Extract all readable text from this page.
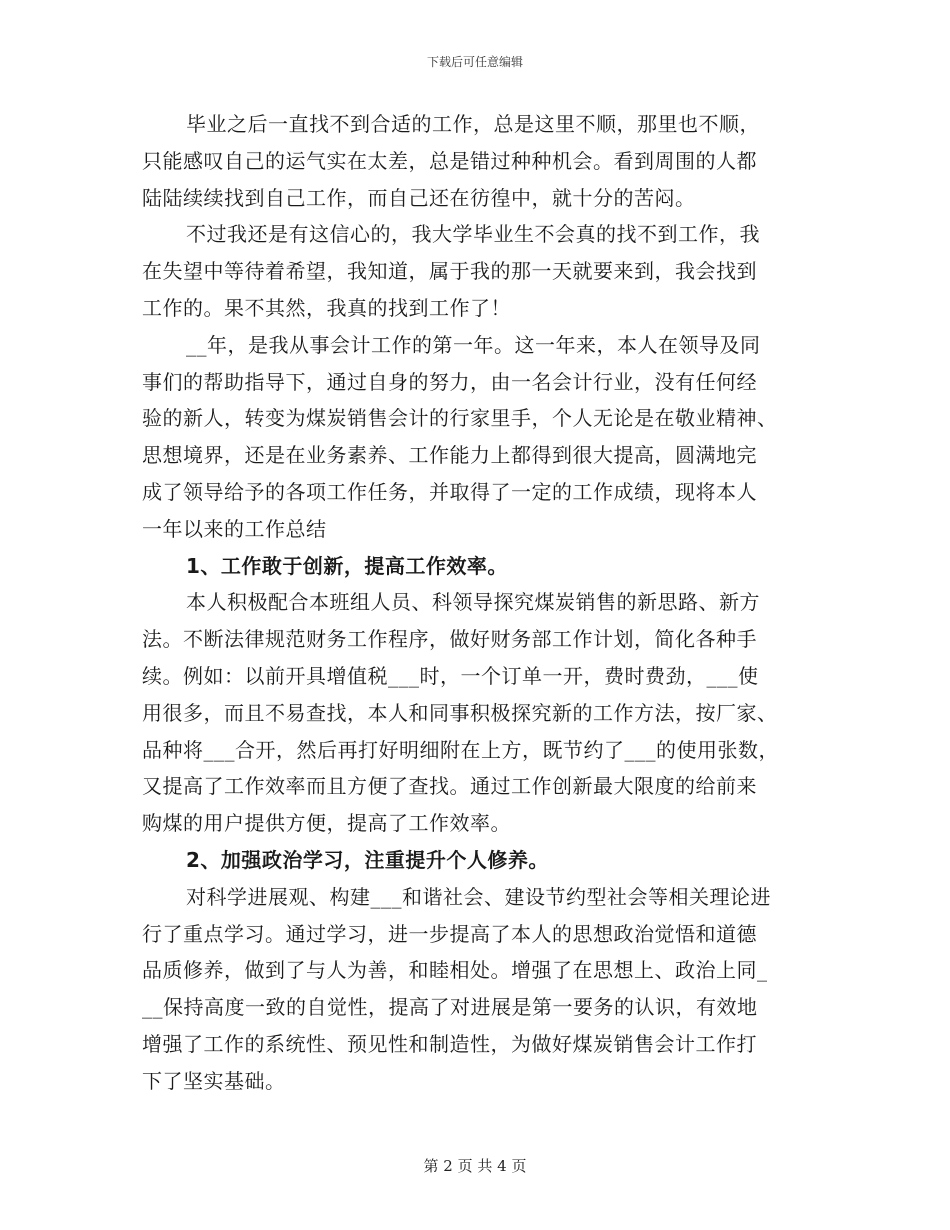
下载后可任意编辑

毕业之后一直找不到合适的工作，总是这里不顺，那里也不顺，
只能感叹自己的运气实在太差，总是错过种种机会。看到周围的人都
陆陆续续找到自己工作，而自己还在彷徨中，就十分的苦闷。

不过我还是有这信心的，我大学毕业生不会真的找不到工作，我
在失望中等待着希望，我知道，属于我的那一天就要来到，我会找到
工作的。果不其然，我真的找到工作了！

__年，是我从事会计工作的第一年。这一年来，本人在领导及同
事们的帮助指导下，通过自身的努力，由一名会计行业，没有任何经
验的新人，转变为煤炭销售会计的行家里手，个人无论是在敬业精神、
思想境界，还是在业务素养、工作能力上都得到很大提高，圆满地完
成了领导给予的各项工作任务，并取得了一定的工作成绩，现将本人
一年以来的工作总结

1、工作敢于创新，提高工作效率。

本人积极配合本班组人员、科领导探究煤炭销售的新思路、新方
法。不断法律规范财务工作程序，做好财务部工作计划，简化各种手
续。例如：以前开具增值税___时，一个订单一开，费时费劲，___使
用很多，而且不易查找，本人和同事积极探究新的工作方法，按厂家、
品种将___合开，然后再打好明细附在上方，既节约了___的使用张数，
又提高了工作效率而且方便了查找。通过工作创新最大限度的给前来
购煤的用户提供方便，提高了工作效率。

2、加强政治学习，注重提升个人修养。

对科学进展观、构建___和谐社会、建设节约型社会等相关理论进
行了重点学习。通过学习，进一步提高了本人的思想政治觉悟和道德
品质修养，做到了与人为善，和睦相处。增强了在思想上、政治上同_
__保持高度一致的自觉性，提高了对进展是第一要务的认识，有效地
增强了工作的系统性、预见性和制造性，为做好煤炭销售会计工作打
下了坚实基础。

第 2 页 共 4 页
